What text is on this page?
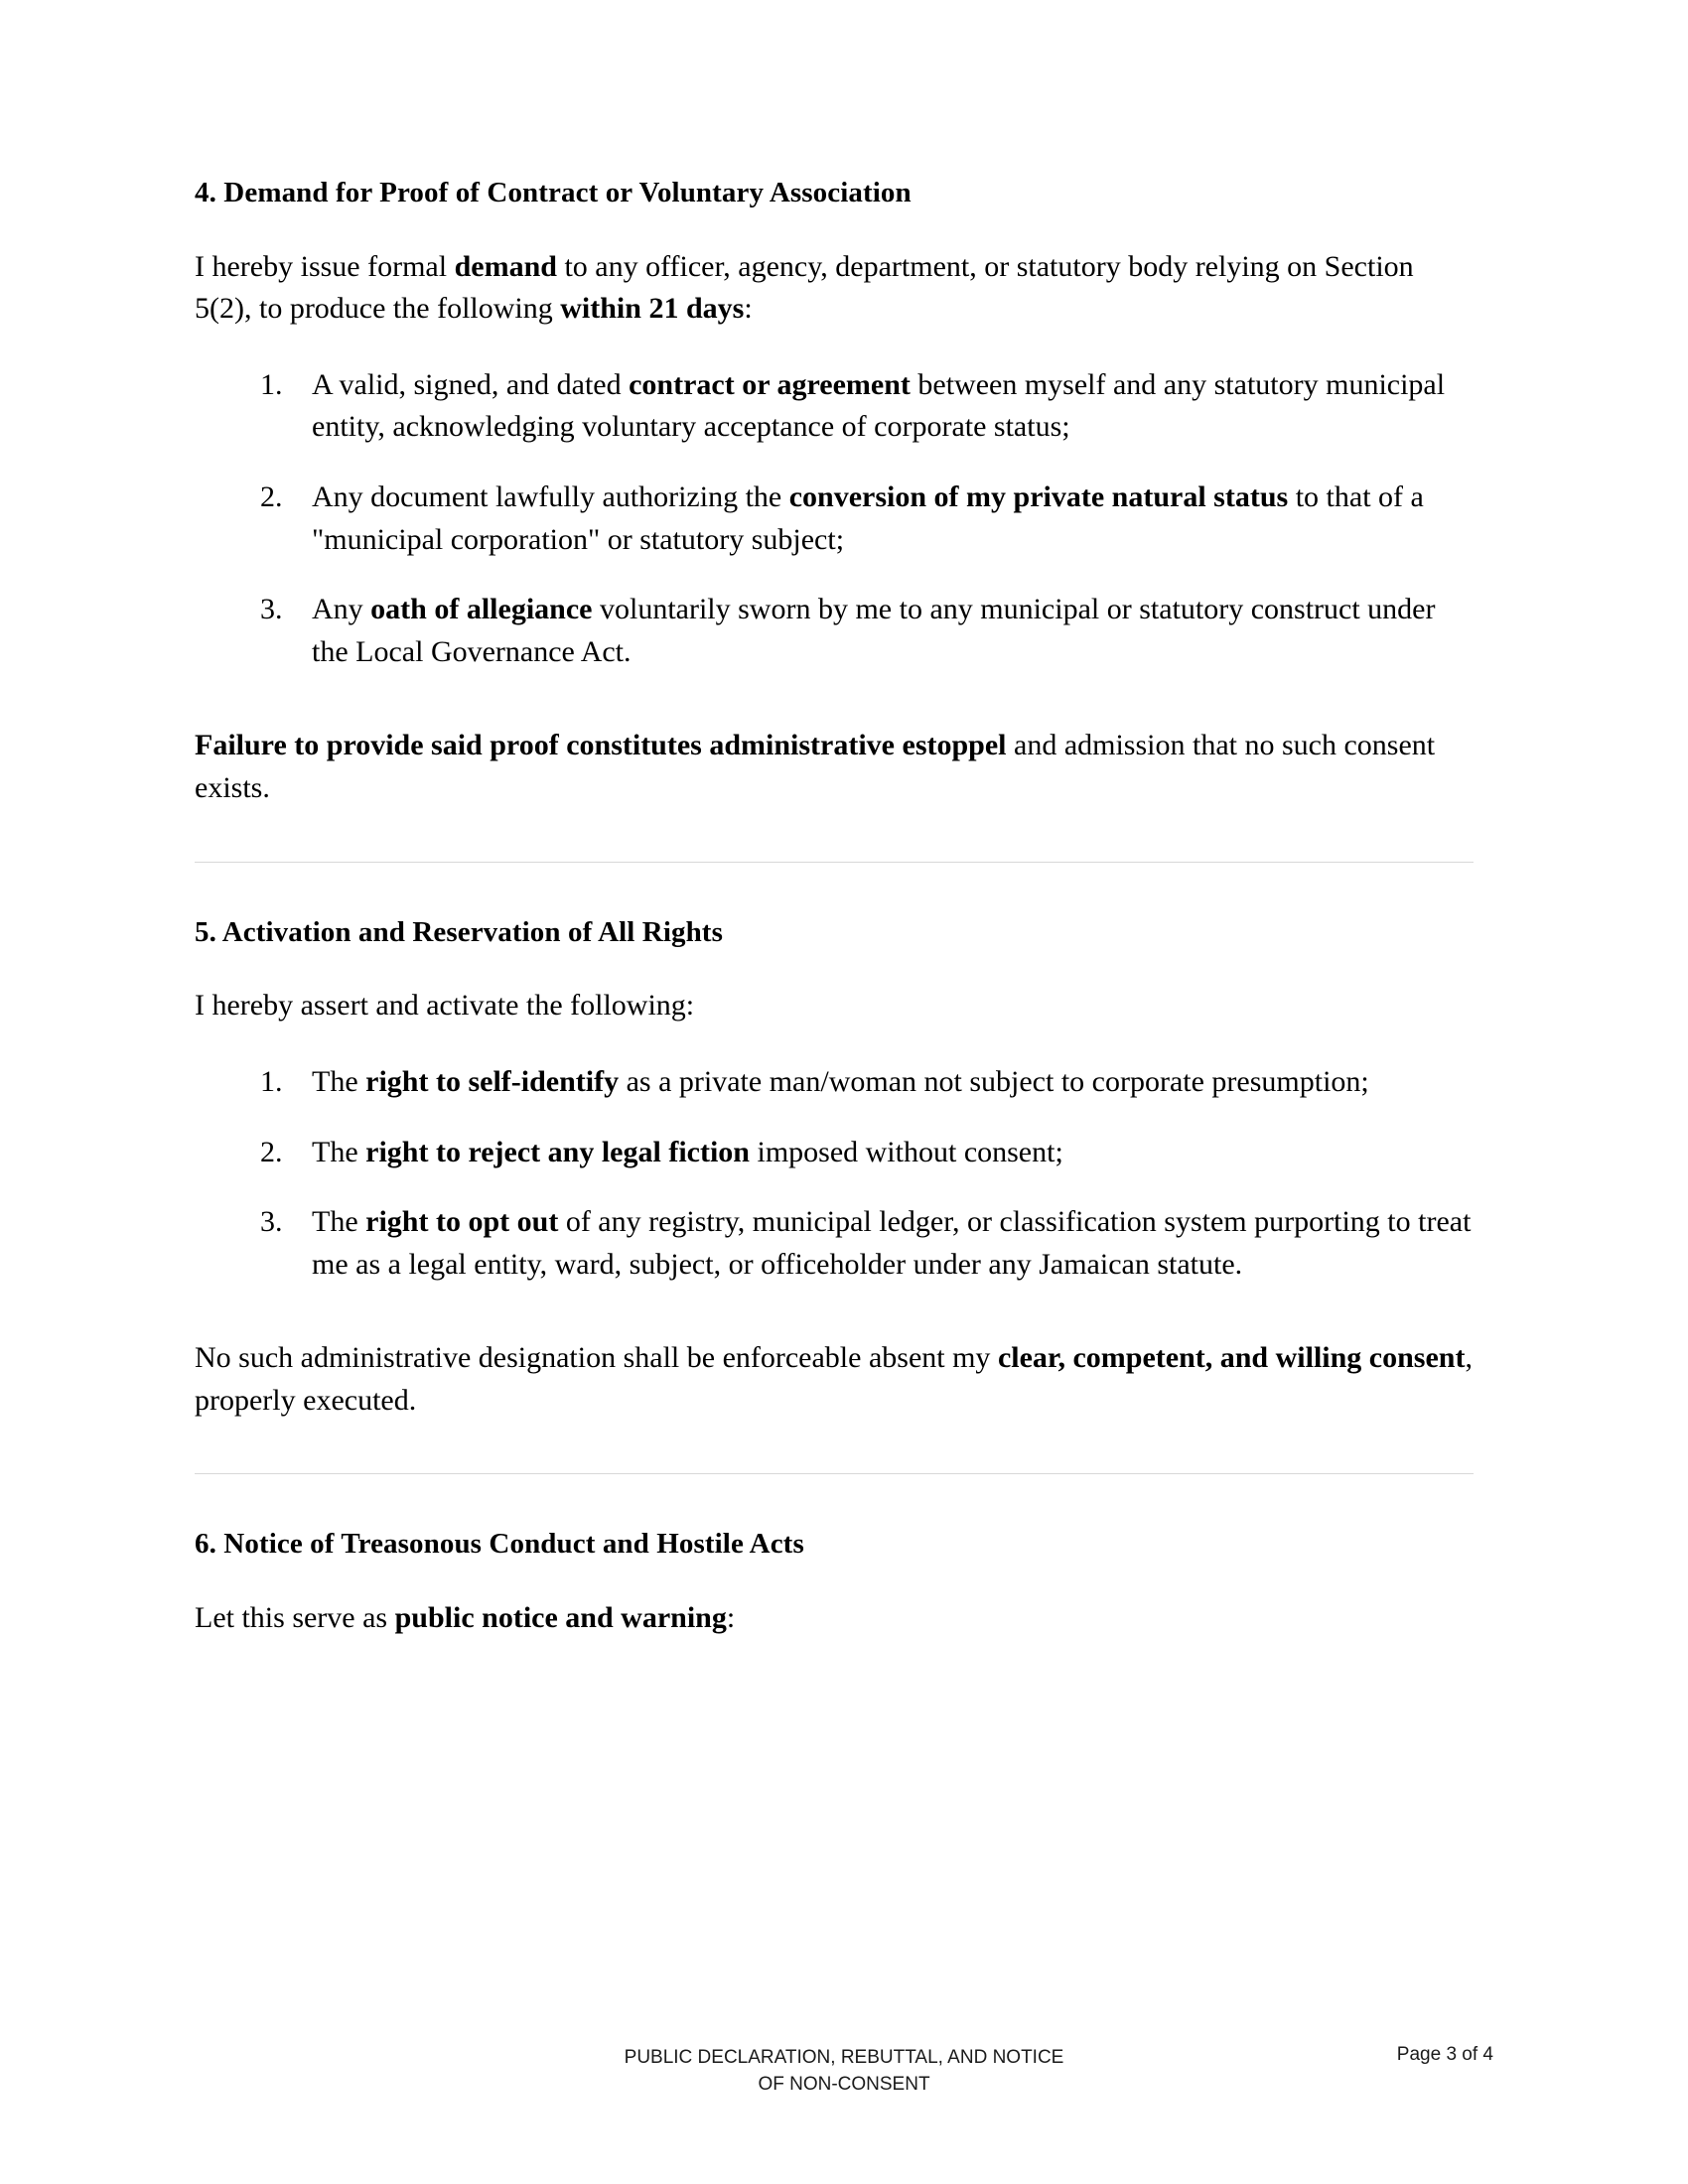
4. Demand for Proof of Contract or Voluntary Association

I hereby issue formal demand to any officer, agency, department, or statutory body relying on Section 5(2), to produce the following within 21 days:

1. A valid, signed, and dated contract or agreement between myself and any statutory municipal entity, acknowledging voluntary acceptance of corporate status;
2. Any document lawfully authorizing the conversion of my private natural status to that of a "municipal corporation" or statutory subject;
3. Any oath of allegiance voluntarily sworn by me to any municipal or statutory construct under the Local Governance Act.

Failure to provide said proof constitutes administrative estoppel and admission that no such consent exists.

5. Activation and Reservation of All Rights

I hereby assert and activate the following:

1. The right to self-identify as a private man/woman not subject to corporate presumption;
2. The right to reject any legal fiction imposed without consent;
3. The right to opt out of any registry, municipal ledger, or classification system purporting to treat me as a legal entity, ward, subject, or officeholder under any Jamaican statute.

No such administrative designation shall be enforceable absent my clear, competent, and willing consent, properly executed.

6. Notice of Treasonous Conduct and Hostile Acts

Let this serve as public notice and warning:

PUBLIC DECLARATION, REBUTTAL, AND NOTICE
OF NON-CONSENT
Page 3 of 4
